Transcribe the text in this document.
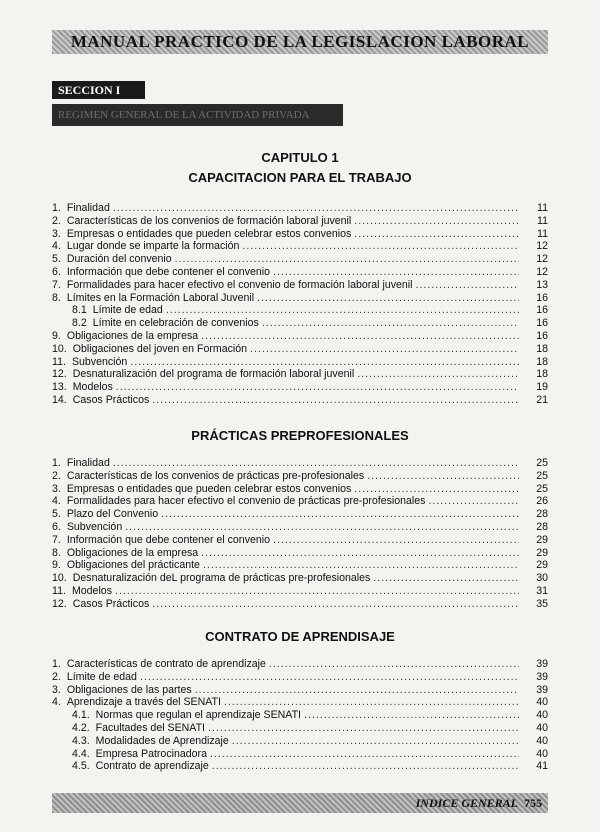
MANUAL PRACTICO DE LA LEGISLACION LABORAL
SECCION I
REGIMEN GENERAL DE LA ACTIVIDAD PRIVADA
CAPITULO 1
CAPACITACION PARA EL TRABAJO
1. Finalidad .....	11
2. Características de los convenios de formación laboral juvenil .....	11
3. Empresas o entidades que pueden celebrar estos convenios .....	11
4. Lugar donde se imparte la formación .....	12
5. Duración del convenio .....	12
6. Información que debe contener el convenio .....	12
7. Formalidades para hacer efectivo el convenio de formación laboral juvenil .....	13
8. Límites en la Formación Laboral Juvenil .....	16
8.1 Límite de edad .....	16
8.2 Límite en celebración de convenios .....	16
9. Obligaciones de la empresa .....	16
10. Obligaciones del joven en Formación .....	18
11. Subvención .....	18
12. Desnaturalización del programa de formación laboral juvenil .....	18
13. Modelos .....	19
14. Casos Prácticos .....	21
PRÁCTICAS PREPROFESIONALES
1. Finalidad .....	25
2. Características de los convenios de prácticas pre-profesionales .....	25
3. Empresas o entidades que pueden celebrar estos convenios .....	25
4. Formalidades para hacer efectivo el convenio de prácticas pre-profesionales .....	26
5. Plazo del Convenio .....	28
6. Subvención .....	28
7. Información que debe contener el convenio .....	29
8. Obligaciones de la empresa .....	29
9. Obligaciones del prácticante .....	29
10. Desnaturalización deL programa de prácticas pre-profesionales .....	30
11. Modelos .....	31
12. Casos Prácticos .....	35
CONTRATO DE APRENDISAJE
1. Características de contrato de aprendizaje .....	39
2. Límite de edad .....	39
3. Obligaciones de las partes .....	39
4. Aprendizaje a través del SENATI .....	40
4.1. Normas que regulan el aprendizaje SENATI .....	40
4.2. Facultades del SENATI .....	40
4.3. Modalidades de Aprendizaje .....	40
4.4. Empresa Patrocinadora .....	40
4.5. Contrato de aprendizaje .....	41
INDICE GENERAL 755
